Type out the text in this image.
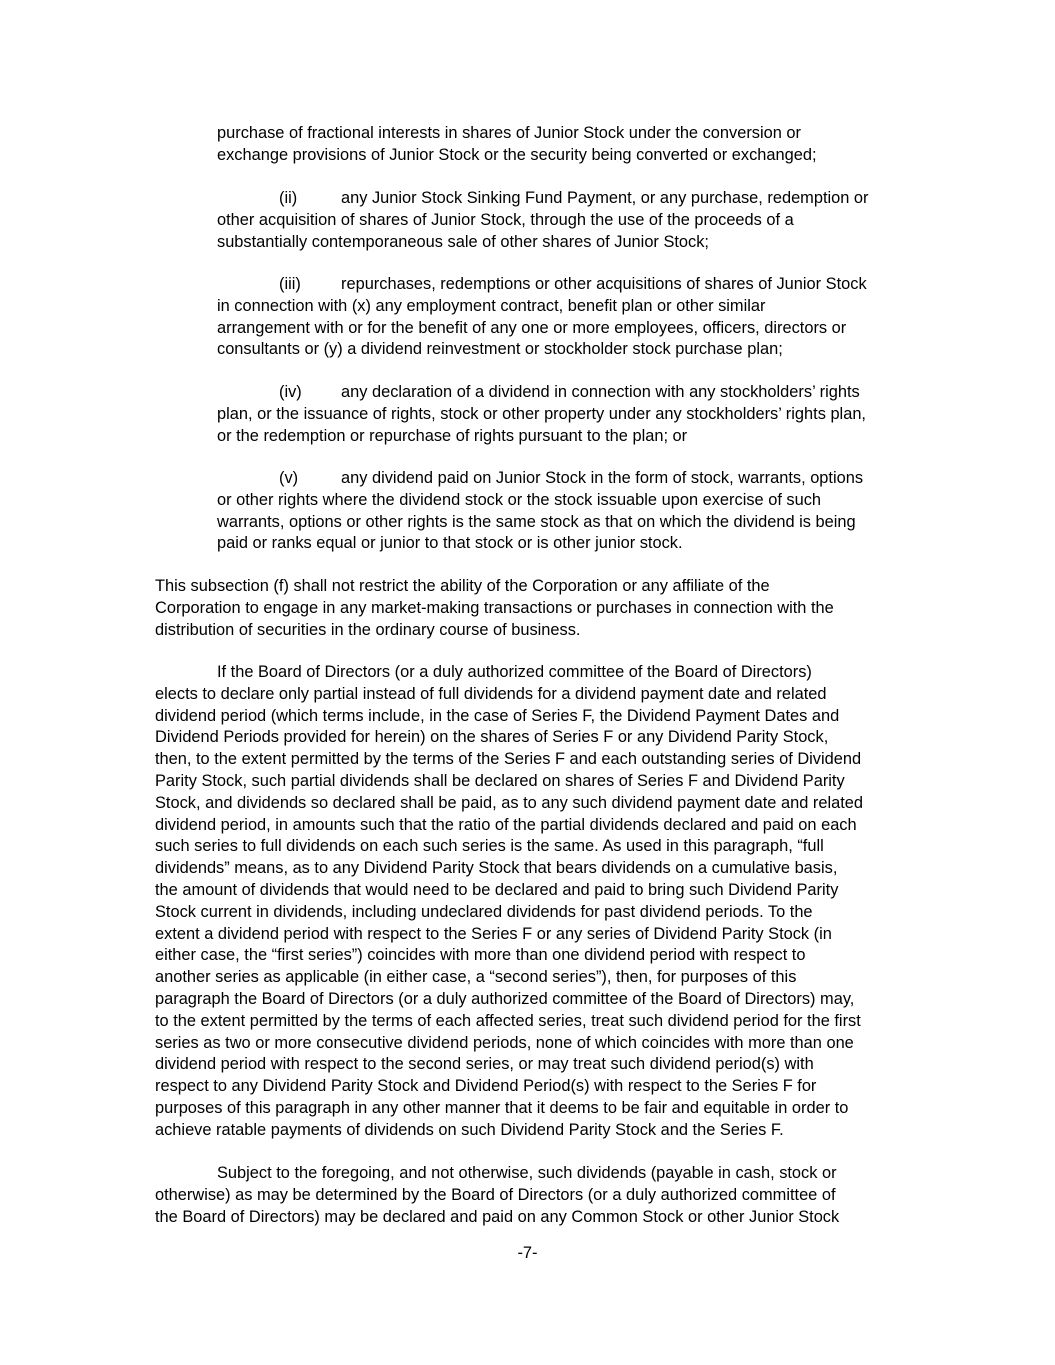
purchase of fractional interests in shares of Junior Stock under the conversion or
exchange provisions of Junior Stock or the security being converted or exchanged;

(ii)	any Junior Stock Sinking Fund Payment, or any purchase, redemption or
other acquisition of shares of Junior Stock, through the use of the proceeds of a
substantially contemporaneous sale of other shares of Junior Stock;

(iii) repurchases, redemptions or other acquisitions of shares of Junior Stock
in connection with (x) any employment contract, benefit plan or other similar
arrangement with or for the benefit of any one or more employees, officers, directors or
consultants or (y) a dividend reinvestment or stockholder stock purchase plan;

(iv) any declaration of a dividend in connection with any stockholders’ rights
plan, or the issuance of rights, stock or other property under any stockholders’ rights plan,
or the redemption or repurchase of rights pursuant to the plan; or

(v)	any dividend paid on Junior Stock in the form of stock, warrants, options
or other rights where the dividend stock or the stock issuable upon exercise of such
warrants, options or other rights is the same stock as that on which the dividend is being
paid or ranks equal or junior to that stock or is other junior stock.

This subsection (f) shall not restrict the ability of the Corporation or any affiliate of the
Corporation to engage in any market-making transactions or purchases in connection with the
distribution of securities in the ordinary course of business.

If the Board of Directors (or a duly authorized committee of the Board of Directors)
elects to declare only partial instead of full dividends for a dividend payment date and related
dividend period (which terms include, in the case of Series F, the Dividend Payment Dates and
Dividend Periods provided for herein) on the shares of Series F or any Dividend Parity Stock,
then, to the extent permitted by the terms of the Series F and each outstanding series of Dividend
Parity Stock, such partial dividends shall be declared on shares of Series F and Dividend Parity
Stock, and dividends so declared shall be paid, as to any such dividend payment date and related
dividend period, in amounts such that the ratio of the partial dividends declared and paid on each
such series to full dividends on each such series is the same. As used in this paragraph, “full
dividends” means, as to any Dividend Parity Stock that bears dividends on a cumulative basis,
the amount of dividends that would need to be declared and paid to bring such Dividend Parity
Stock current in dividends, including undeclared dividends for past dividend periods. To the
extent a dividend period with respect to the Series F or any series of Dividend Parity Stock (in
either case, the “first series”) coincides with more than one dividend period with respect to
another series as applicable (in either case, a “second series”), then, for purposes of this
paragraph the Board of Directors (or a duly authorized committee of the Board of Directors) may,
to the extent permitted by the terms of each affected series, treat such dividend period for the first
series as two or more consecutive dividend periods, none of which coincides with more than one
dividend period with respect to the second series, or may treat such dividend period(s) with
respect to any Dividend Parity Stock and Dividend Period(s) with respect to the Series F for
purposes of this paragraph in any other manner that it deems to be fair and equitable in order to
achieve ratable payments of dividends on such Dividend Parity Stock and the Series F.

Subject to the foregoing, and not otherwise, such dividends (payable in cash, stock or
otherwise) as may be determined by the Board of Directors (or a duly authorized committee of
the Board of Directors) may be declared and paid on any Common Stock or other Junior Stock

-7-
